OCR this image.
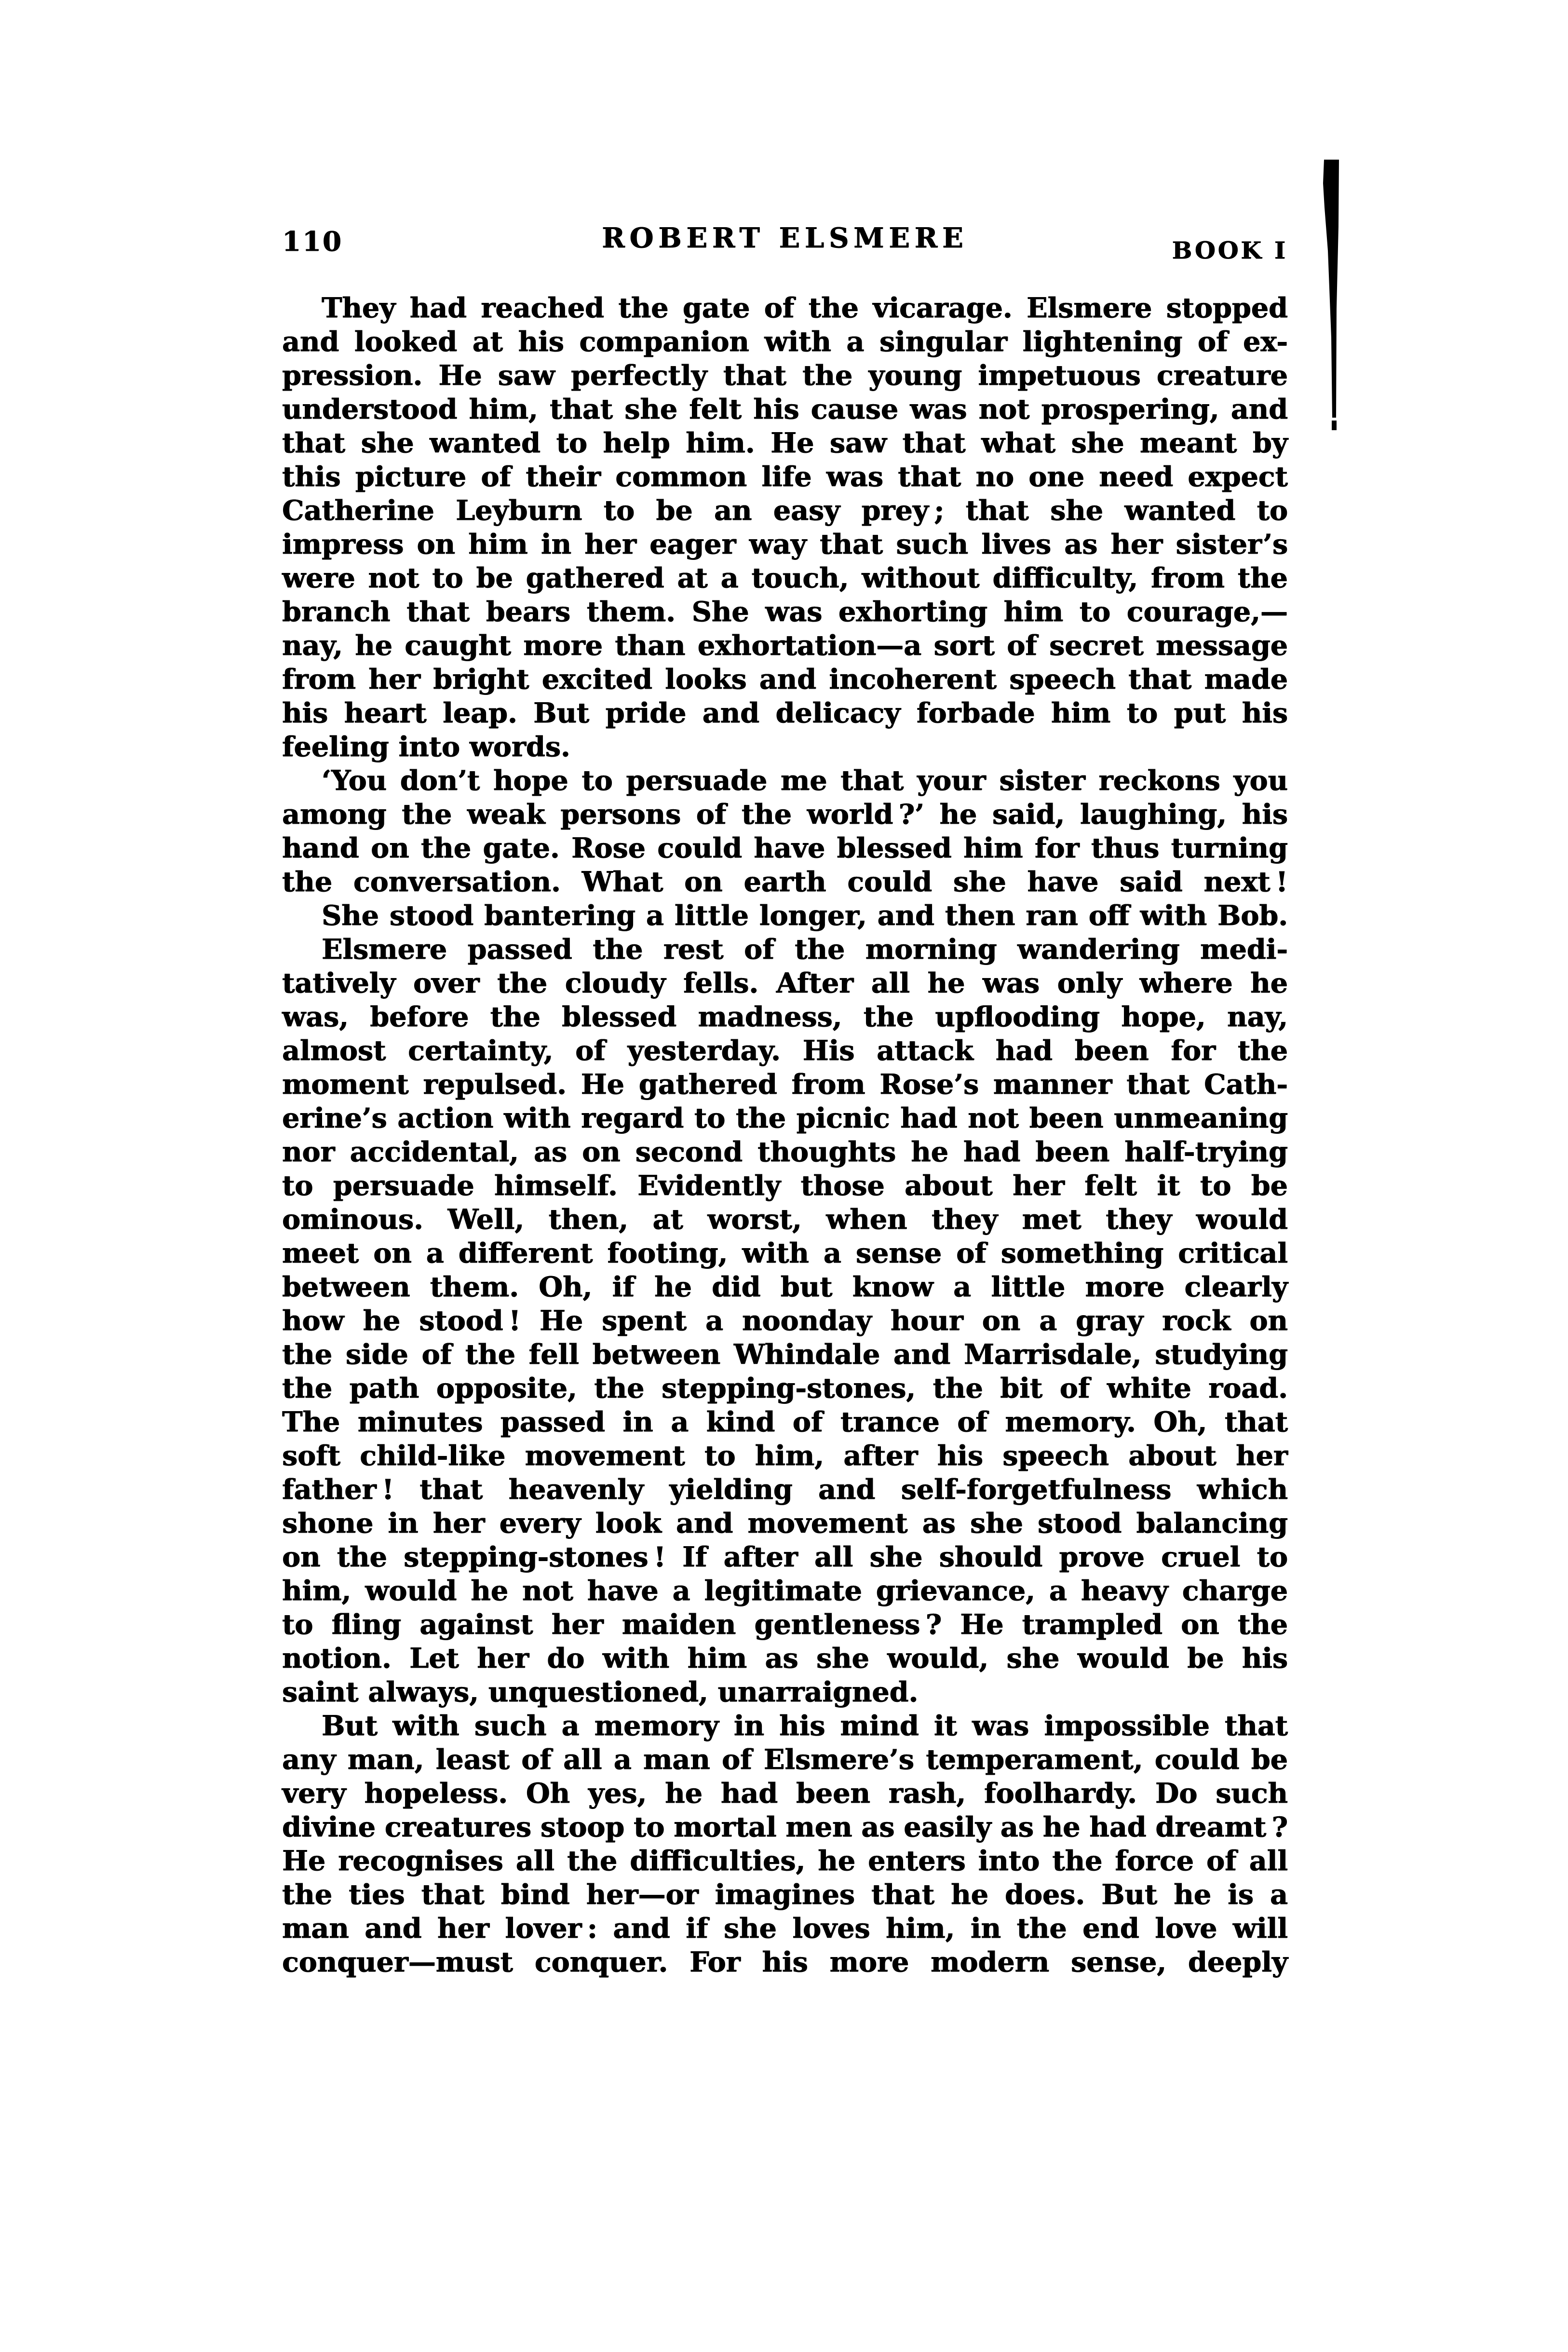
110	ROBERT ELSMERE	BOOK I
They had reached the gate of the vicarage. Elsmere stopped
and looked at his companion with a singular lightening of ex-
pression. He saw perfectly that the young impetuous creature
understood him, that she felt his cause was not prospering, and
that she wanted to help him. He saw that what she meant by
this picture of their common life was that no one need expect
Catherine Leyburn to be an easy prey ; that she wanted to
impress on him in her eager way that such lives as her sister’s
were not to be gathered at a touch, without difficulty, from the
branch that bears them. She was exhorting him to courage,—
nay, he caught more than exhortation—a sort of secret message
from her bright excited looks and incoherent speech that made
his heart leap. But pride and delicacy forbade him to put his
feeling into words.
‘You don’t hope to persuade me that your sister reckons you
among the weak persons of the world ?’ he said, laughing, his
hand on the gate. Rose could have blessed him for thus turning
the conversation. What on earth could she have said next !
She stood bantering a little longer, and then ran off with Bob.
Elsmere passed the rest of the morning wandering medi-
tatively over the cloudy fells. After all he was only where he
was, before the blessed madness, the upflooding hope, nay,
almost certainty, of yesterday. His attack had been for the
moment repulsed. He gathered from Rose’s manner that Cath-
erine’s action with regard to the picnic had not been unmeaning
nor accidental, as on second thoughts he had been half-trying
to persuade himself. Evidently those about her felt it to be
ominous. Well, then, at worst, when they met they would
meet on a different footing, with a sense of something critical
between them. Oh, if he did but know a little more clearly
how he stood ! He spent a noonday hour on a gray rock on
the side of the fell between Whindale and Marrisdale, studying
the path opposite, the stepping-stones, the bit of white road.
The minutes passed in a kind of trance of memory. Oh, that
soft child-like movement to him, after his speech about her
father ! that heavenly yielding and self-forgetfulness which
shone in her every look and movement as she stood balancing
on the stepping-stones ! If after all she should prove cruel to
him, would he not have a legitimate grievance, a heavy charge
to fling against her maiden gentleness ? He trampled on the
notion. Let her do with him as she would, she would be his
saint always, unquestioned, unarraigned.
But with such a memory in his mind it was impossible that
any man, least of all a man of Elsmere’s temperament, could be
very hopeless. Oh yes, he had been rash, foolhardy. Do such
divine creatures stoop to mortal men as easily as he had dreamt ?
He recognises all the difficulties, he enters into the force of all
the ties that bind her—or imagines that he does. But he is a
man and her lover : and if she loves him, in the end love will
conquer—must conquer. For his more modern sense, deeply
